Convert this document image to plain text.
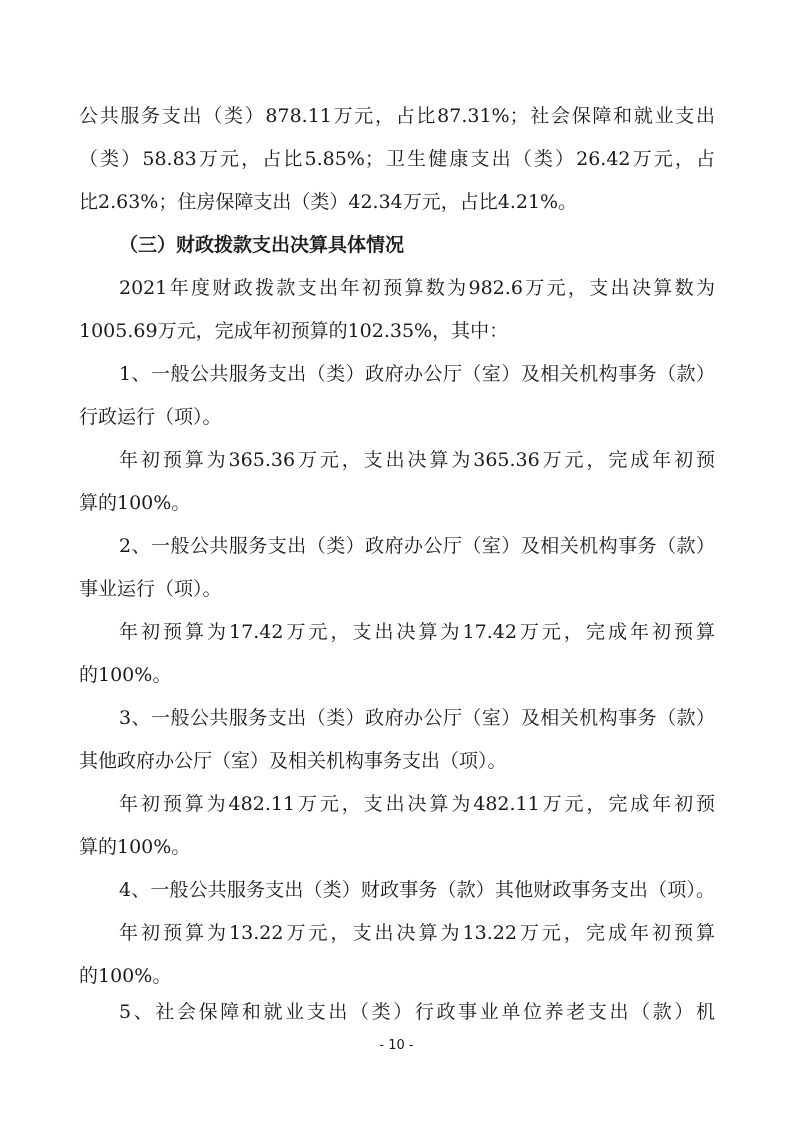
公共服务支出（类）878.11万元，占比87.31%；社会保障和就业支出
（类）58.83万元，占比5.85%；卫生健康支出（类）26.42万元，占
比2.63%；住房保障支出（类）42.34万元，占比4.21%。
（三）财政拨款支出决算具体情况
2021年度财政拨款支出年初预算数为982.6万元，支出决算数为
1005.69万元，完成年初预算的102.35%，其中：
1、一般公共服务支出（类）政府办公厅（室）及相关机构事务（款）
行政运行（项）。
年初预算为365.36万元，支出决算为365.36万元，完成年初预
算的100%。
2、一般公共服务支出（类）政府办公厅（室）及相关机构事务（款）
事业运行（项）。
年初预算为17.42万元，支出决算为17.42万元，完成年初预算
的100%。
3、一般公共服务支出（类）政府办公厅（室）及相关机构事务（款）
其他政府办公厅（室）及相关机构事务支出（项）。
年初预算为482.11万元，支出决算为482.11万元，完成年初预
算的100%。
4、一般公共服务支出（类）财政事务（款）其他财政事务支出（项）。
年初预算为13.22万元，支出决算为13.22万元，完成年初预算
的100%。
5、社会保障和就业支出（类）行政事业单位养老支出（款）机
- 10 -
